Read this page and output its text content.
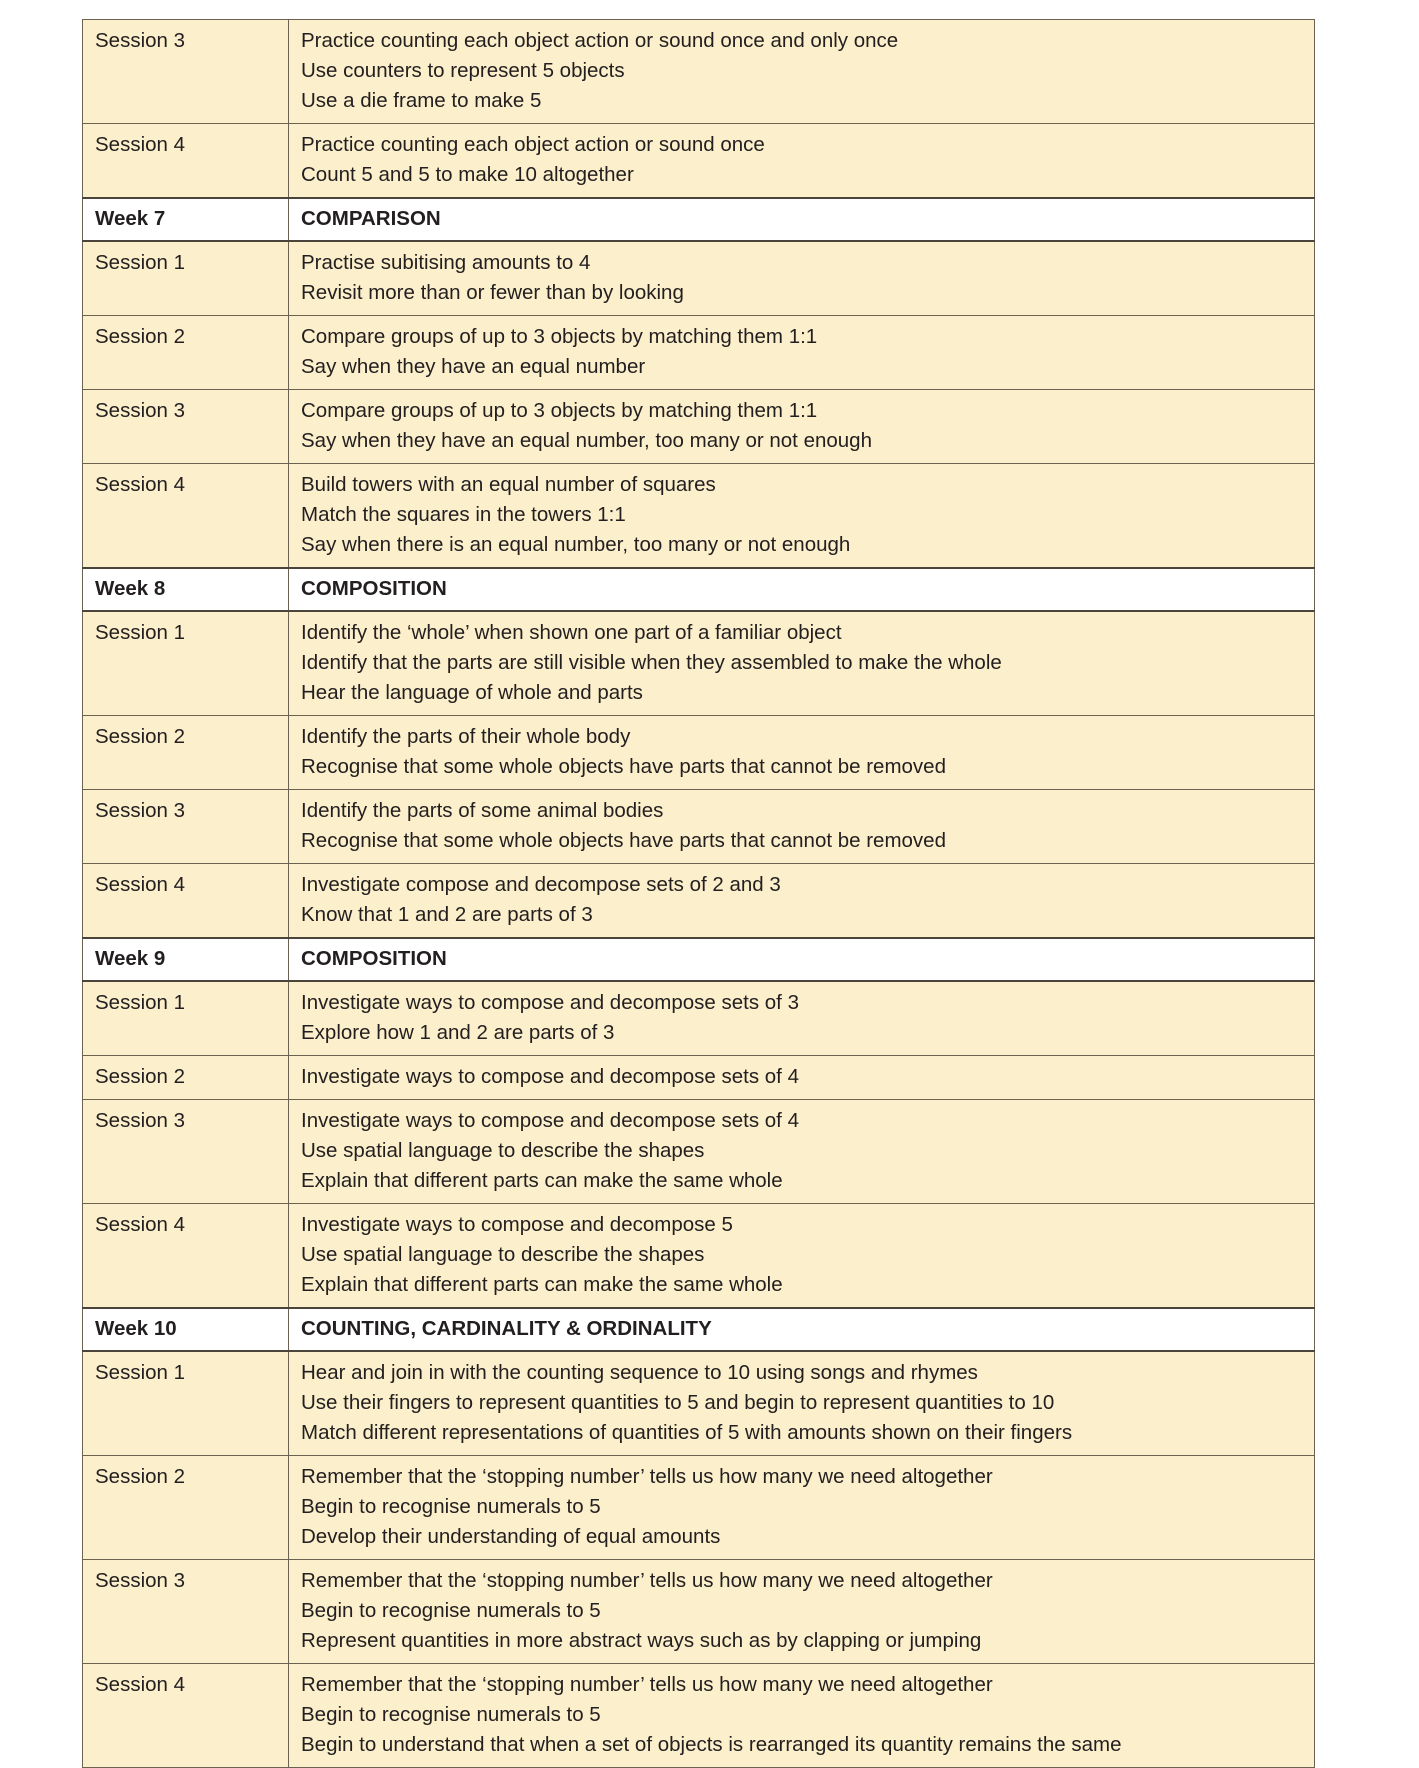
Session 3	Practice counting each object action or sound once and only once
Use counters to represent 5 objects
Use a die frame to make 5

Session 4	Practice counting each object action or sound once
Count 5 and 5 to make 10 altogether

Week 7	COMPARISON

Session 1	Practise subitising amounts to 4
Revisit more than or fewer than by looking

Session 2	Compare groups of up to 3 objects by matching them 1:1
Say when they have an equal number

Session 3	Compare groups of up to 3 objects by matching them 1:1
Say when they have an equal number, too many or not enough

Session 4	Build towers with an equal number of squares
Match the squares in the towers 1:1
Say when there is an equal number, too many or not enough

Week 8	COMPOSITION

Session 1	Identify the ‘whole’ when shown one part of a familiar object
Identify that the parts are still visible when they assembled to make the whole
Hear the language of whole and parts

Session 2	Identify the parts of their whole body
Recognise that some whole objects have parts that cannot be removed

Session 3	Identify the parts of some animal bodies
Recognise that some whole objects have parts that cannot be removed

Session 4	Investigate compose and decompose sets of 2 and 3
Know that 1 and 2 are parts of 3

Week 9	COMPOSITION

Session 1	Investigate ways to compose and decompose sets of 3
Explore how 1 and 2 are parts of 3

Session 2	Investigate ways to compose and decompose sets of 4

Session 3	Investigate ways to compose and decompose sets of 4
Use spatial language to describe the shapes
Explain that different parts can make the same whole

Session 4	Investigate ways to compose and decompose 5
Use spatial language to describe the shapes
Explain that different parts can make the same whole

Week 10	COUNTING, CARDINALITY & ORDINALITY

Session 1	Hear and join in with the counting sequence to 10 using songs and rhymes
Use their fingers to represent quantities to 5 and begin to represent quantities to 10
Match different representations of quantities of 5 with amounts shown on their fingers

Session 2	Remember that the ‘stopping number’ tells us how many we need altogether
Begin to recognise numerals to 5
Develop their understanding of equal amounts

Session 3	Remember that the ‘stopping number’ tells us how many we need altogether
Begin to recognise numerals to 5
Represent quantities in more abstract ways such as by clapping or jumping

Session 4	Remember that the ‘stopping number’ tells us how many we need altogether
Begin to recognise numerals to 5
Begin to understand that when a set of objects is rearranged its quantity remains the same
